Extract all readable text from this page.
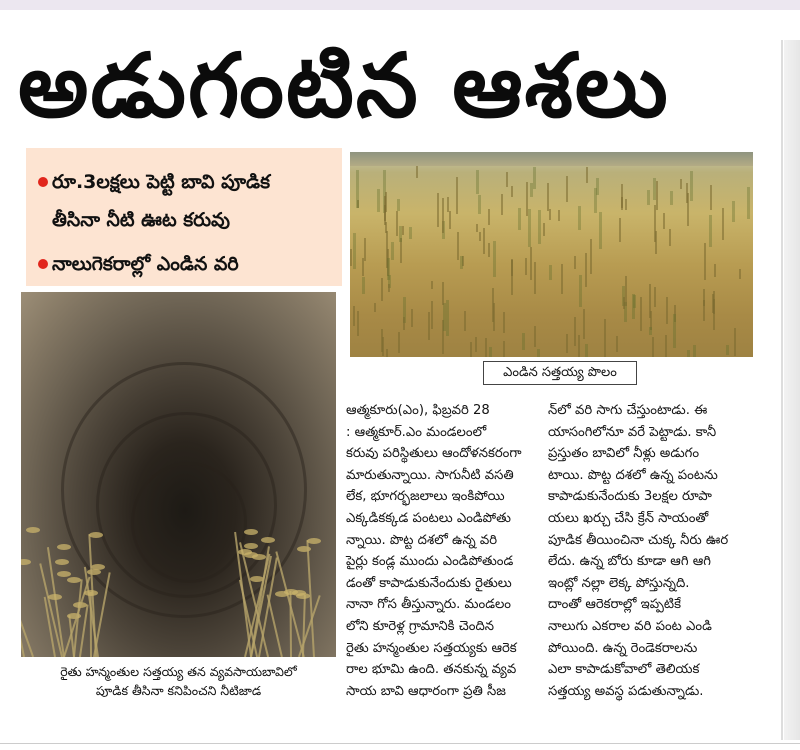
అడుగంటిన ఆశలు
రూ.3లక్షలు పెట్టి బావి పూడిక
తీసినా నీటి ఊట కరువు
నాలుగెకరాల్లో ఎండిన వరి
ఎండిన సత్తయ్య పొలం
రైతు హన్మంతుల సత్తయ్య తన వ్యవసాయబావిలో
పూడిక తీసినా కనిపించని నీటిజాడ

ఆత్మకూరు(ఎం), ఫిబ్రవరి 28

: ఆత్మకూర్.ఎం మండలంలో

కరువు పరిస్థితులు ఆందోళనకరంగా

మారుతున్నాయి. సాగునీటి వసతి

లేక, భూగర్భజలాలు ఇంకిపోయి

ఎక్కడికక్కడ పంటలు ఎండిపోతు

న్నాయి. పొట్ట దశలో ఉన్న వరి

పైర్లు కండ్ల ముందు ఎండిపోతుండ

డంతో కాపాడుకునేందుకు రైతులు

నానా గోస తీస్తున్నారు. మండలం

లోని కూరెళ్ల గ్రామానికి చెందిన

రైతు హన్మంతుల సత్తయ్యకు ఆరెక

రాల భూమి ఉంది. తనకున్న వ్యవ

సాయ బావి ఆధారంగా ప్రతి సీజ

న్‌లో వరి సాగు చేస్తుంటాడు. ఈ

యాసంగిలోనూ వరే పెట్టాడు. కానీ

ప్రస్తుతం బావిలో నీళ్లు అడుగం

టాయి. పొట్ట దశలో ఉన్న పంటను

కాపాడుకునేందుకు 3లక్షల రూపా

యలు ఖర్చు చేసి క్రేన్ సాయంతో

పూడిక తీయించినా చుక్క నీరు ఊర

లేదు. ఉన్న బోరు కూడా ఆగి ఆగి

ఇంట్లో నల్లా లెక్క పోస్తున్నది.

దాంతో ఆరెకరాల్లో ఇప్పటికే

నాలుగు ఎకరాల వరి పంట ఎండి

పోయింది. ఉన్న రెండెకరాలను

ఎలా కాపాడుకోవాలో తెలియక

సత్తయ్య అవస్థ పడుతున్నాడు.
